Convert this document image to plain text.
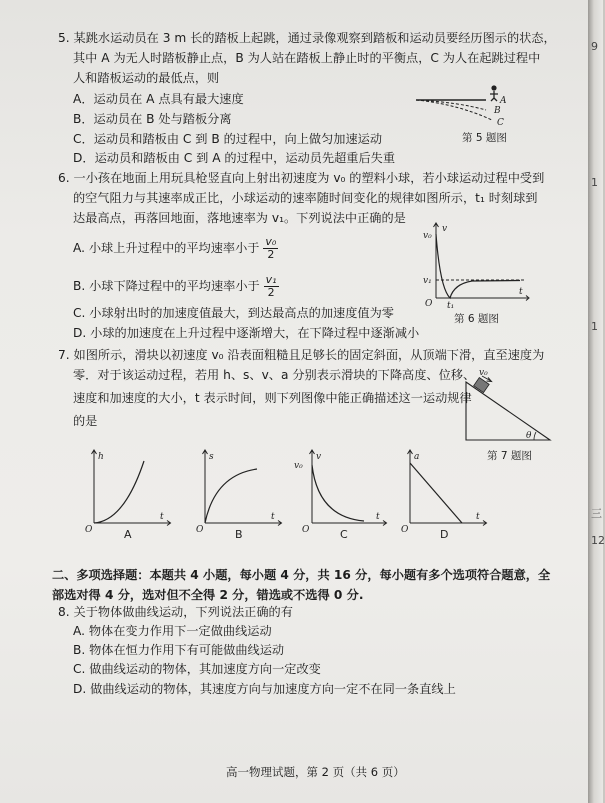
5. 某跳水运动员在 3 m 长的踏板上起跳，通过录像观察到踏板和运动员要经历图示的状态，
其中 A 为无人时踏板静止点，B 为人站在踏板上静止时的平衡点，C 为人在起跳过程中
人和踏板运动的最低点，则
A．运动员在 A 点具有最大速度
B．运动员在 B 处与踏板分离
C．运动员和踏板由 C 到 B 的过程中，向上做匀加速运动
D．运动员和踏板由 C 到 A 的过程中，运动员先超重后失重
A
B
C
第 5 题图
6. 一小孩在地面上用玩具枪竖直向上射出初速度为 v₀ 的塑料小球，若小球运动过程中受到
的空气阻力与其速率成正比，小球运动的速率随时间变化的规律如图所示，t₁ 时刻球到
达最高点，再落回地面，落地速率为 v₁。下列说法中正确的是
A. 小球上升过程中的平均速率小于 $\frac{\text{v₀}}{2}$
B. 小球下降过程中的平均速率小于 $\frac{\text{v₁}}{2}$
C. 小球射出时的加速度值最大，到达最高点的加速度值为零
D. 小球的加速度在上升过程中逐渐增大，在下降过程中逐渐减小
v
v₀
v₁
O t₁
t
第 6 题图
7. 如图所示，滑块以初速度 v₀ 沿表面粗糙且足够长的固定斜面，从顶端下滑，直至速度为
零．对于该运动过程，若用 h、s、v、a 分别表示滑块的下降高度、位移、
速度和加速度的大小，t 表示时间，则下列图像中能正确描述这一运动规律
的是
v₀
θ
第 7 题图
h
t
O	A
s
t
O	B
v
v₀
t
O	C
a
t
O	D
二、多项选择题：本题共 4 小题，每小题 4 分，共 16 分，每小题有多个选项符合题意，全
部选对得 4 分，选对但不全得 2 分，错选或不选得 0 分.
8. 关于物体做曲线运动，下列说法正确的有
A. 物体在变力作用下一定做曲线运动
B. 物体在恒力作用下有可能做曲线运动
C. 做曲线运动的物体，其加速度方向一定改变
D. 做曲线运动的物体，其速度方向与加速度方向一定不在同一条直线上
高一物理试题，第 2 页（共 6 页）
9
1
1
三
12
